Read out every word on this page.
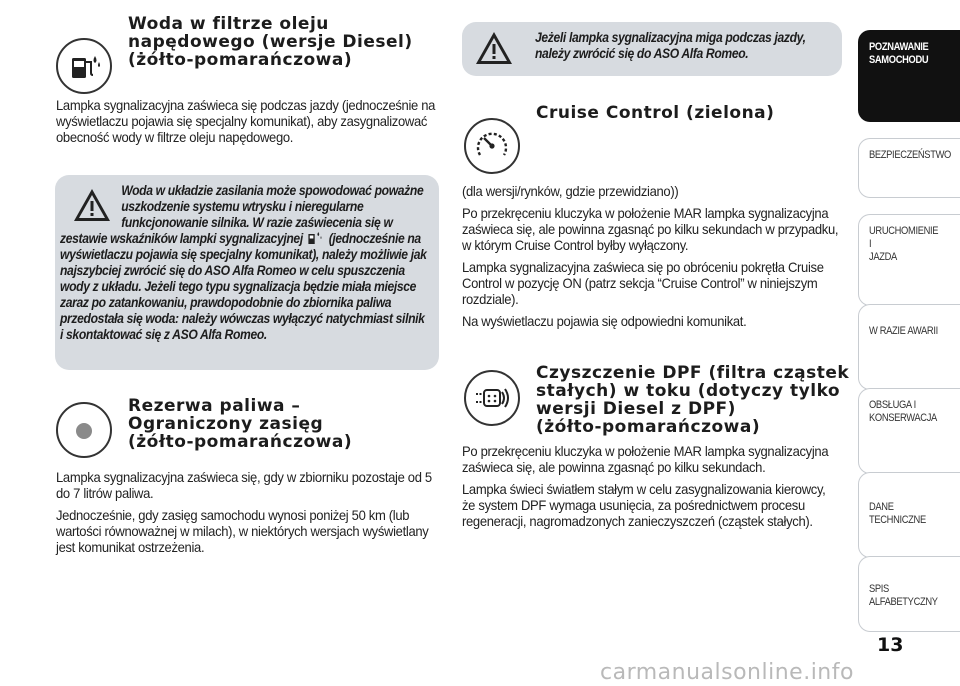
Woda w filtrze oleju
napędowego (wersje Diesel)
(żółto-pomarańczowa)

Lampka sygnalizacyjna zaświeca się podczas jazdy (jednocześnie na wyświetlaczu pojawia się specjalny komunikat), aby zasygnalizować obecność wody w filtrze oleju napędowego.

Woda w układzie zasilania może spowodować poważne
uszkodzenie systemu wtrysku i nieregularne
funkcjonowanie silnika. W razie zaświecenia się w
zestawie wskaźników lampki sygnalizacyjnej (jednocześnie na
wyświetlaczu pojawia się specjalny komunikat), należy możliwie jak najszybciej zwrócić się do ASO Alfa Romeo w celu spuszczenia wody z układu. Jeżeli tego typu sygnalizacja będzie miała miejsce zaraz po zatankowaniu, prawdopodobnie do zbiornika paliwa przedostała się woda: należy wówczas wyłączyć natychmiast silnik i skontaktować się z ASO Alfa Romeo.
Rezerwa paliwa –
Ograniczony zasięg
(żółto-pomarańczowa)

Lampka sygnalizacyjna zaświeca się, gdy w zbiorniku pozostaje od 5 do 7 litrów paliwa.

Jednocześnie, gdy zasięg samochodu wynosi poniżej 50 km (lub wartości równoważnej w milach), w niektórych wersjach wyświetlany jest komunikat ostrzeżenia.

Jeżeli lampka sygnalizacyjna miga podczas jazdy, należy zwrócić się do ASO Alfa Romeo.
Cruise Control (zielona)

(dla wersji/rynków, gdzie przewidziano))

Po przekręceniu kluczyka w położenie MAR lampka sygnalizacyjna zaświeca się, ale powinna zgasnąć po kilku sekundach w przypadku, w którym Cruise Control byłby wyłączony.

Lampka sygnalizacyjna zaświeca się po obróceniu pokrętła Cruise Control w pozycję ON (patrz sekcja “Cruise Control” w niniejszym rozdziale).

Na wyświetlaczu pojawia się odpowiedni komunikat.

Czyszczenie DPF (filtra cząstek
stałych) w toku (dotyczy tylko
wersji Diesel z DPF)
(żółto-pomarańczowa)

Po przekręceniu kluczyka w położenie MAR lampka sygnalizacyjna zaświeca się, ale powinna zgasnąć po kilku sekundach.

Lampka świeci światłem stałym w celu zasygnalizowania kierowcy, że system DPF wymaga usunięcia, za pośrednictwem procesu regeneracji, nagromadzonych zanieczyszczeń (cząstek stałych).

POZNAWANIE
SAMOCHODU
BEZPIECZEŃSTWO
URUCHOMIENIE I
JAZDA
W RAZIE AWARII
OBSŁUGA I
KONSERWACJA
DANE TECHNICZNE
SPIS ALFABETYCZNY
13
carmanualsonline.info
